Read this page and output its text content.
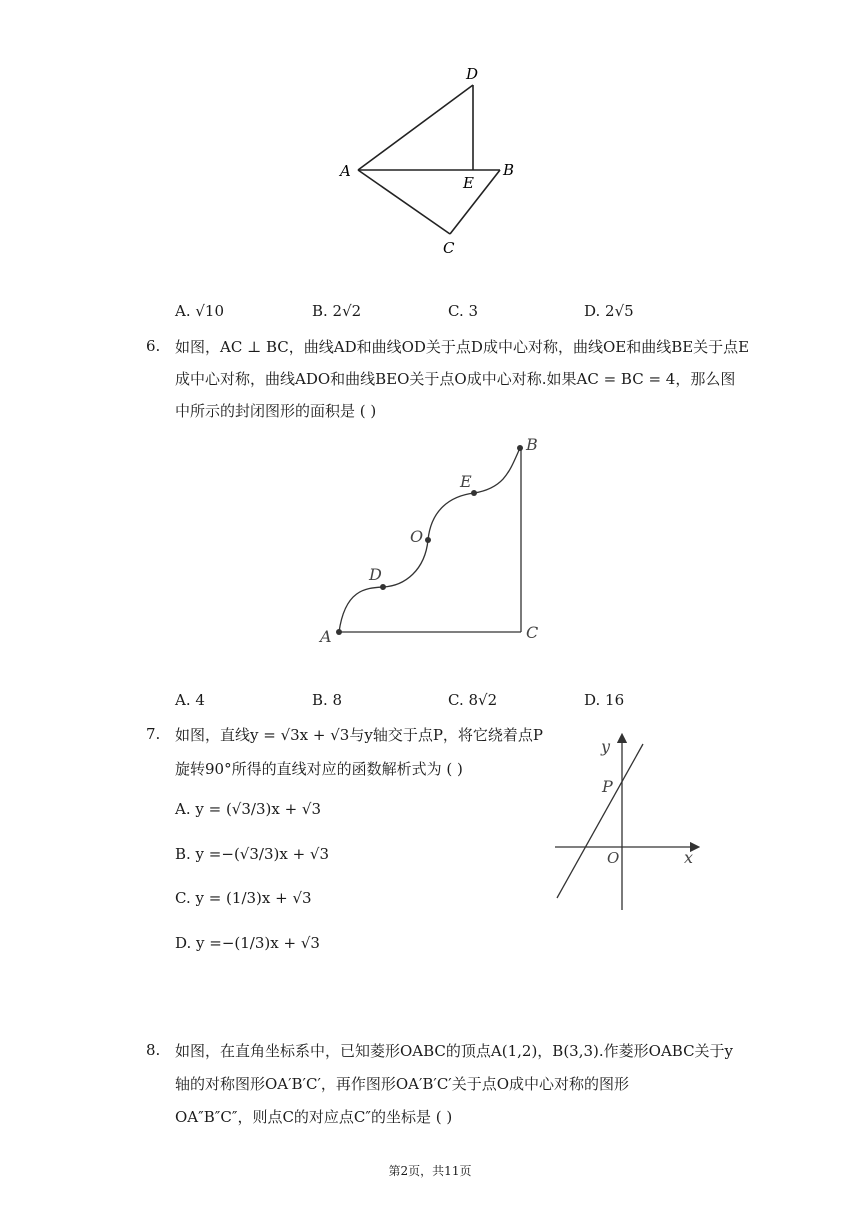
A
D
E
B
C
A. √10	B. 2√2	C. 3	D. 2√5
6. 如图，AC ⊥ BC，曲线AD和曲线OD关于点D成中心对称，曲线OE和曲线BE关于点E
成中心对称，曲线ADO和曲线BEO关于点O成中心对称.如果AC = BC = 4，那么图
中所示的封闭图形的面积是 ( )
A
D
O
E
B
C
A. 4	B. 8	C. 8√2	D. 16
7. 如图，直线y = √3x + √3与y轴交于点P，将它绕着点P
旋转90°所得的直线对应的函数解析式为 ( )
A. y = (√3/3)x + √3
B. y =−(√3/3)x + √3
C. y = (1/3)x + √3
D. y =−(1/3)x + √3
y
P
O	x
8. 如图，在直角坐标系中，已知菱形OABC的顶点A(1,2)，B(3,3).作菱形OABC关于y
轴的对称图形OA′B′C′，再作图形OA′B′C′关于点O成中心对称的图形
OA″B″C″，则点C的对应点C″的坐标是 ( )
第2页，共11页
